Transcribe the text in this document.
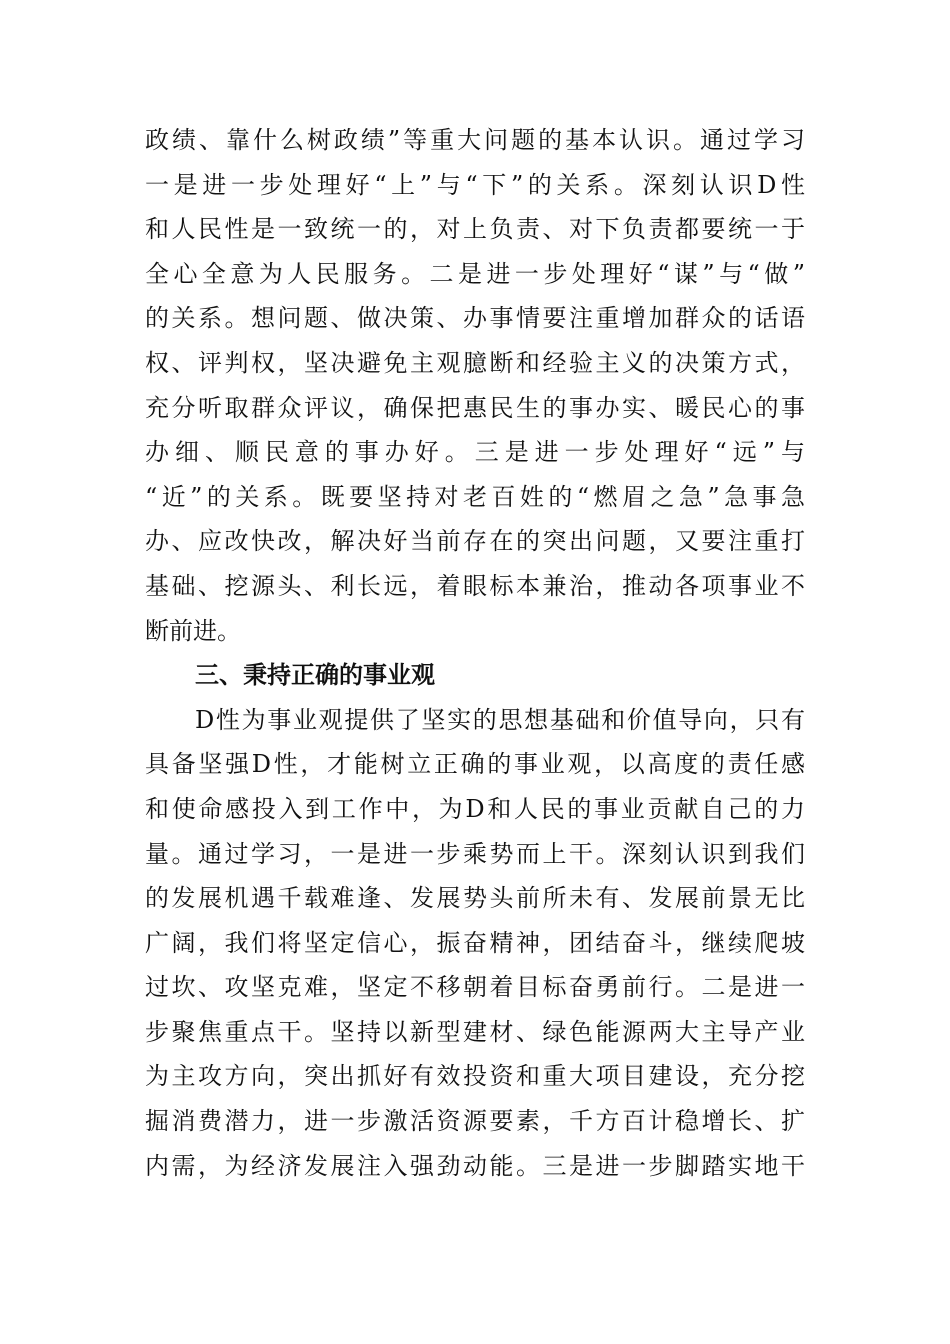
政绩、靠什么树政绩”等重大问题的基本认识。通过学习
一是进一步处理好“上”与“下”的关系。深刻认识D性
和人民性是一致统一的，对上负责、对下负责都要统一于
全心全意为人民服务。二是进一步处理好“谋”与“做”
的关系。想问题、做决策、办事情要注重增加群众的话语
权、评判权，坚决避免主观臆断和经验主义的决策方式，
充分听取群众评议，确保把惠民生的事办实、暖民心的事
办细、顺民意的事办好。三是进一步处理好“远”与
“近”的关系。既要坚持对老百姓的“燃眉之急”急事急
办、应改快改，解决好当前存在的突出问题，又要注重打
基础、挖源头、利长远，着眼标本兼治，推动各项事业不
断前进。
三、秉持正确的事业观
D性为事业观提供了坚实的思想基础和价值导向，只有
具备坚强D性，才能树立正确的事业观，以高度的责任感
和使命感投入到工作中，为D和人民的事业贡献自己的力
量。通过学习，一是进一步乘势而上干。深刻认识到我们
的发展机遇千载难逢、发展势头前所未有、发展前景无比
广阔，我们将坚定信心，振奋精神，团结奋斗，继续爬坡
过坎、攻坚克难，坚定不移朝着目标奋勇前行。二是进一
步聚焦重点干。坚持以新型建材、绿色能源两大主导产业
为主攻方向，突出抓好有效投资和重大项目建设，充分挖
掘消费潜力，进一步激活资源要素，千方百计稳增长、扩
内需，为经济发展注入强劲动能。三是进一步脚踏实地干
